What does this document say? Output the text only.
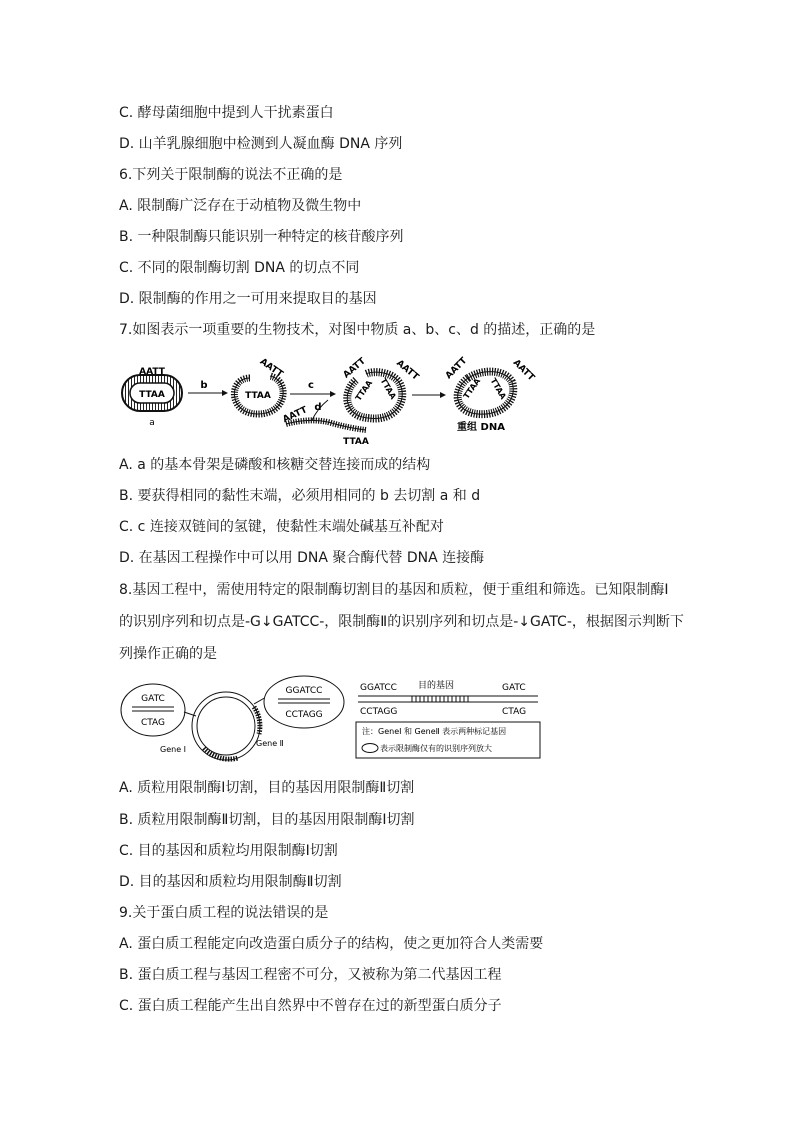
C. 酵母菌细胞中提到人干扰素蛋白
D. 山羊乳腺细胞中检测到人凝血酶 DNA 序列
6.下列关于限制酶的说法不正确的是
A. 限制酶广泛存在于动植物及微生物中
B. 一种限制酶只能识别一种特定的核苷酸序列
C. 不同的限制酶切割 DNA 的切点不同
D. 限制酶的作用之一可用来提取目的基因
7.如图表示一项重要的生物技术，对图中物质 a、b、c、d 的描述，正确的是
AATT
TTAA
a
b
TTAA
AATT
c
AATT d
TTAA
AATT	AATT
TTAA TTAA
AATT	AATT
TTAA TTAA
重组 DNA
A. a 的基本骨架是磷酸和核糖交替连接而成的结构
B. 要获得相同的黏性末端，必须用相同的 b 去切割 a 和 d
C. c 连接双链间的氢键，使黏性末端处碱基互补配对
D. 在基因工程操作中可以用 DNA 聚合酶代替 DNA 连接酶
8.基因工程中，需使用特定的限制酶切割目的基因和质粒，便于重组和筛选。已知限制酶Ⅰ
的识别序列和切点是-G↓GATCC-，限制酶Ⅱ的识别序列和切点是-↓GATC-，根据图示判断下
列操作正确的是
GATC
CTAG
Gene Ⅰ
Gene Ⅱ
GGATCC
CCTAGG
GGATCC 目的基因	GATC
CCTAGG	CTAG
注：GeneⅠ 和 GeneⅡ 表示两种标记基因
表示限制酶仅有的识别序列放大
A. 质粒用限制酶Ⅰ切割，目的基因用限制酶Ⅱ切割
B. 质粒用限制酶Ⅱ切割，目的基因用限制酶Ⅰ切割
C. 目的基因和质粒均用限制酶Ⅰ切割
D. 目的基因和质粒均用限制酶Ⅱ切割
9.关于蛋白质工程的说法错误的是
A. 蛋白质工程能定向改造蛋白质分子的结构，使之更加符合人类需要
B. 蛋白质工程与基因工程密不可分，又被称为第二代基因工程
C. 蛋白质工程能产生出自然界中不曾存在过的新型蛋白质分子
